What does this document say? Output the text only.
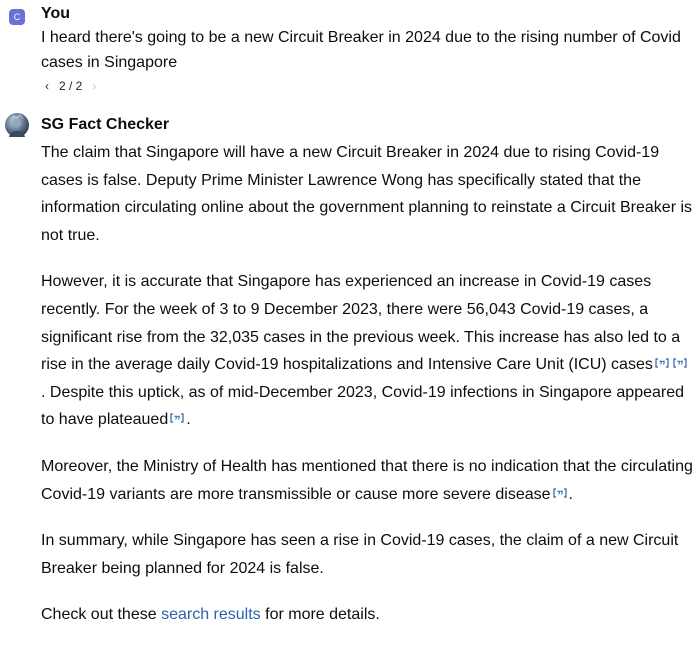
C You
I heard there's going to be a new Circuit Breaker in 2024 due to the rising number of Covid cases in Singapore
‹ 2 / 2 ›
SG Fact Checker

The claim that Singapore will have a new Circuit Breaker in 2024 due to rising Covid-19 cases is false. Deputy Prime Minister Lawrence Wong has specifically stated that the information circulating online about the government planning to reinstate a Circuit Breaker is not true.

However, it is accurate that Singapore has experienced an increase in Covid-19 cases recently. For the week of 3 to 9 December 2023, there were 56,043 Covid-19 cases, a significant rise from the 32,035 cases in the previous week. This increase has also led to a rise in the average daily Covid-19 hospitalizations and Intensive Care Unit (ICU) cases
. Despite this uptick, as of mid-December 2023, Covid-19 infections in Singapore appeared to have plateaued .

Moreover, the Ministry of Health has mentioned that there is no indication that the circulating Covid-19 variants are more transmissible or cause more severe disease .

In summary, while Singapore has seen a rise in Covid-19 cases, the claim of a new Circuit Breaker being planned for 2024 is false.

Check out these search results for more details.
